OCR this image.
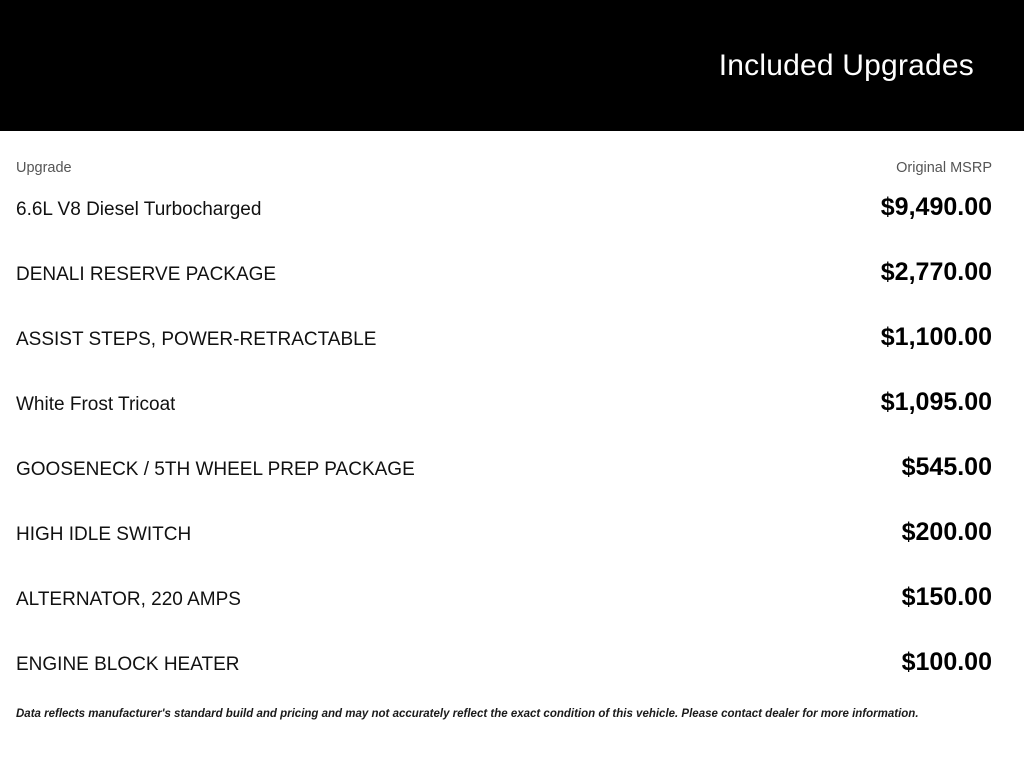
Included Upgrades
Upgrade	Original MSRP
6.6L V8 Diesel Turbocharged	$9,490.00
DENALI RESERVE PACKAGE	$2,770.00
ASSIST STEPS, POWER-RETRACTABLE	$1,100.00
White Frost Tricoat	$1,095.00
GOOSENECK / 5TH WHEEL PREP PACKAGE	$545.00
HIGH IDLE SWITCH	$200.00
ALTERNATOR, 220 AMPS	$150.00
ENGINE BLOCK HEATER	$100.00
Data reflects manufacturer's standard build and pricing and may not accurately reflect the exact condition of this vehicle. Please contact dealer for more information.
